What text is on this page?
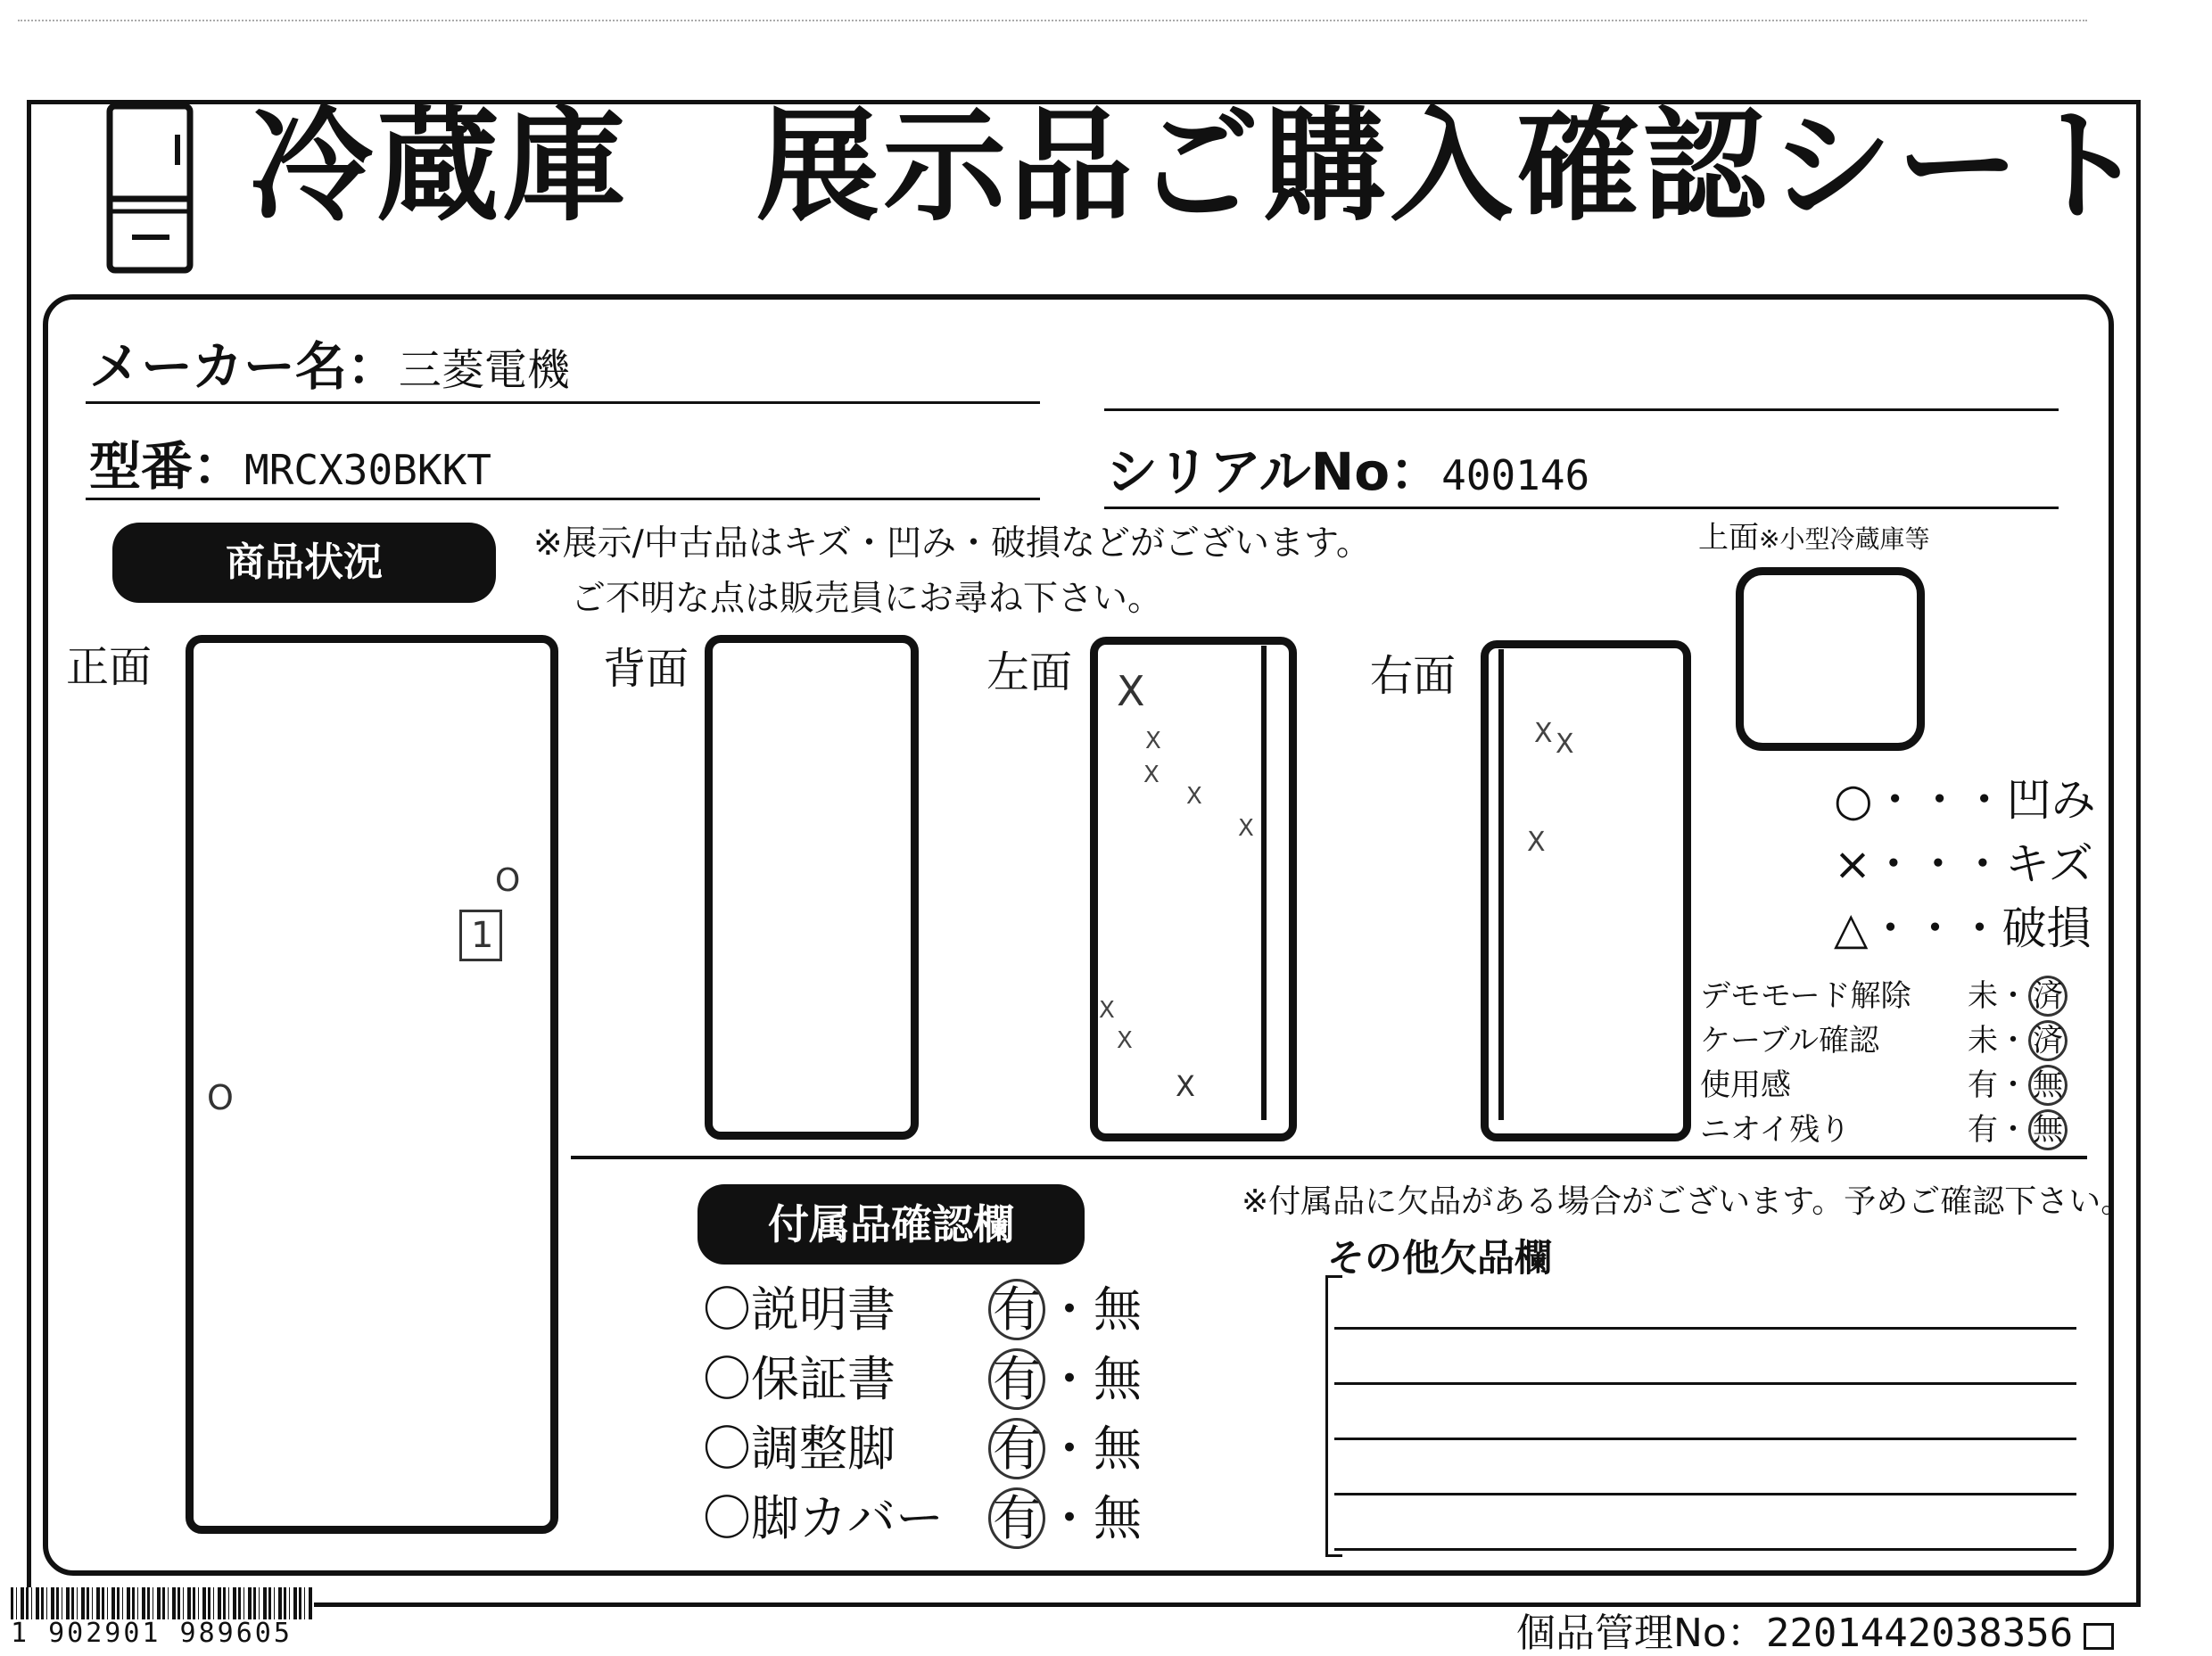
冷蔵庫　展示品ご購入確認シート
メーカー名：三菱電機
型番：MRCX30BKKT	シリアルNo：400146
商品状況	※展示/中古品はキズ・凹み・破損などがございます。
ご不明な点は販売員にお尋ね下さい。
正面	背面	左面	右面
上面※小型冷蔵庫等
O
1
O
X
X
X
X
X
X
X
X
X X
X
○・・・凹み
×・・・キズ
△・・・破損
デモモード解除 未・ 済
ケーブル確認	未・ 済
使用感	有・ 無
ニオイ残り	有・ 無
付属品確認欄
〇説明書 有・無
〇保証書 有・無
〇調整脚 有・無
〇脚カバー 有・無
※付属品に欠品がある場合がございます。予めご確認下さい。
その他欠品欄
1 902901 989605	個品管理No：2201442038356
